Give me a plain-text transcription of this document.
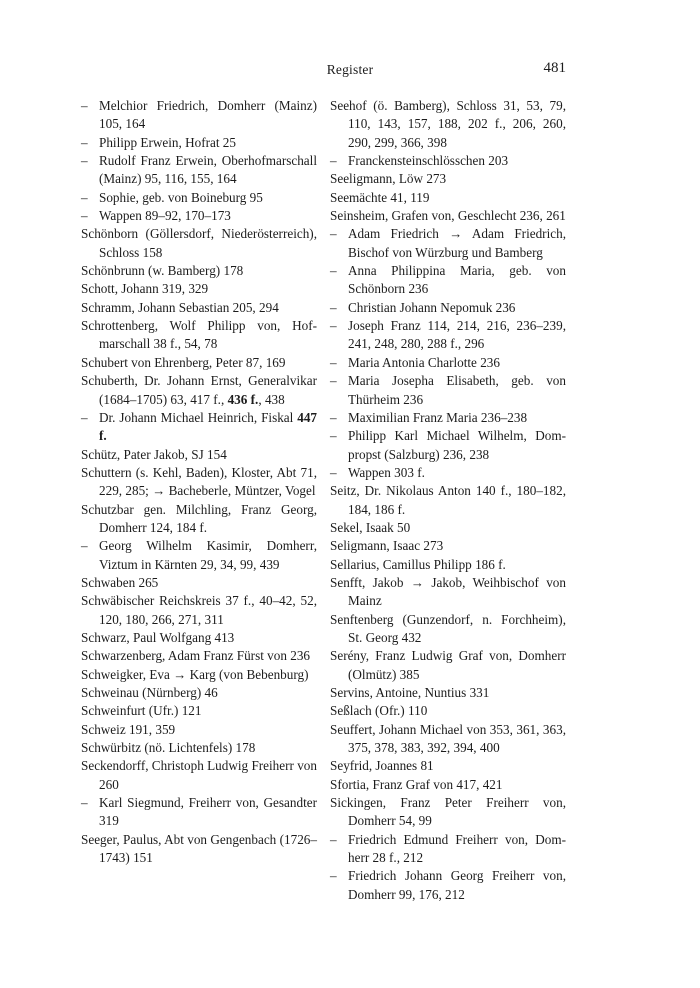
Register	481

– Melchior Friedrich, Domherr (Mainz) 105, 164

– Philipp Erwein, Hofrat 25

– Rudolf Franz Erwein, Oberhofmarschall (Mainz) 95, 116, 155, 164

– Sophie, geb. von Boineburg 95

– Wappen 89–92, 170–173

Schönborn (Göllersdorf, Niederösterreich), Schloss 158

Schönbrunn (w. Bamberg) 178

Schott, Johann 319, 329

Schramm, Johann Sebastian 205, 294

Schrottenberg, Wolf Philipp von, Hofmarschall 38 f., 54, 78

Schubert von Ehrenberg, Peter 87, 169

Schuberth, Dr. Johann Ernst, Generalvikar (1684–1705) 63, 417 f., 436 f., 438

– Dr. Johann Michael Heinrich, Fiskal 447 f.

Schütz, Pater Jakob, SJ 154

Schuttern (s. Kehl, Baden), Kloster, Abt 71, 229, 285; → Bacheberle, Müntzer, Vogel

Schutzbar gen. Milchling, Franz Georg, Domherr 124, 184 f.

– Georg Wilhelm Kasimir, Domherr, Viztum in Kärnten 29, 34, 99, 439

Schwaben 265

Schwäbischer Reichskreis 37 f., 40–42, 52, 120, 180, 266, 271, 311

Schwarz, Paul Wolfgang 413

Schwarzenberg, Adam Franz Fürst von 236

Schweigker, Eva → Karg (von Bebenburg)

Schweinau (Nürnberg) 46

Schweinfurt (Ufr.) 121

Schweiz 191, 359

Schwürbitz (nö. Lichtenfels) 178

Seckendorff, Christoph Ludwig Freiherr von 260

– Karl Siegmund, Freiherr von, Gesandter 319

Seeger, Paulus, Abt von Gengenbach (1726–1743) 151

Seehof (ö. Bamberg), Schloss 31, 53, 79, 110, 143, 157, 188, 202 f., 206, 260, 290, 299, 366, 398

– Franckensteinschlösschen 203

Seeligmann, Löw 273

Seemächte 41, 119

Seinsheim, Grafen von, Geschlecht 236, 261

– Adam Friedrich → Adam Friedrich, Bischof von Würzburg und Bamberg

– Anna Philippina Maria, geb. von Schönborn 236

– Christian Johann Nepomuk 236

– Joseph Franz 114, 214, 216, 236–239, 241, 248, 280, 288 f., 296

– Maria Antonia Charlotte 236

– Maria Josepha Elisabeth, geb. von Thürheim 236

– Maximilian Franz Maria 236–238

– Philipp Karl Michael Wilhelm, Dompropst (Salzburg) 236, 238

– Wappen 303 f.

Seitz, Dr. Nikolaus Anton 140 f., 180–182, 184, 186 f.

Sekel, Isaak 50

Seligmann, Isaac 273

Sellarius, Camillus Philipp 186 f.

Senfft, Jakob → Jakob, Weihbischof von Mainz

Senftenberg (Gunzendorf, n. Forchheim), St. Georg 432

Serény, Franz Ludwig Graf von, Domherr (Olmütz) 385

Servins, Antoine, Nuntius 331

Seßlach (Ofr.) 110

Seuffert, Johann Michael von 353, 361, 363, 375, 378, 383, 392, 394, 400

Seyfrid, Joannes 81

Sfortia, Franz Graf von 417, 421

Sickingen, Franz Peter Freiherr von, Domherr 54, 99

– Friedrich Edmund Freiherr von, Domherr 28 f., 212

– Friedrich Johann Georg Freiherr von, Domherr 99, 176, 212
